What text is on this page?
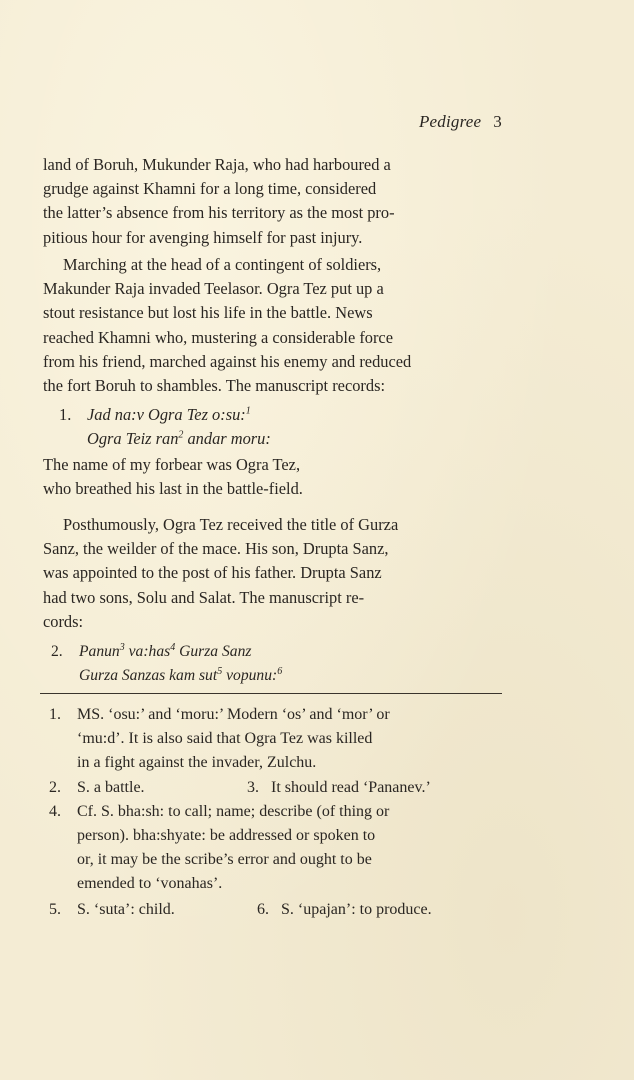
Pedigree 3

land of Boruh, Mukunder Raja, who had harboured a

grudge against Khamni for a long time, considered

the latter’s absence from his territory as the most pro-

pitious hour for avenging himself for past injury.

Marching at the head of a contingent of soldiers,

Makunder Raja invaded Teelasor. Ogra Tez put up a

stout resistance but lost his life in the battle. News

reached Khamni who, mustering a considerable force

from his friend, marched against his enemy and reduced

the fort Boruh to shambles. The manuscript records:

1. Jad na:v Ogra Tez o:su:$^1$

Ogra Teiz ran$^2$ andar moru:

The name of my forbear was Ogra Tez,

who breathed his last in the battle-field.

Posthumously, Ogra Tez received the title of Gurza

Sanz, the weilder of the mace. His son, Drupta Sanz,

was appointed to the post of his father. Drupta Sanz

had two sons, Solu and Salat. The manuscript re-

cords:

2. Panun$^3$ va:has$^4$ Gurza Sanz

Gurza Sanzas kam sut$^5$ vopunu:$^6$

1. MS. ‘osu:’ and ‘moru:’ Modern ‘os’ and ‘mor’ or
‘mu:d’. It is also said that Ogra Tez was killed
in a fight against the invader, Zulchu.
2. S. a battle.	3. It should read ‘Pananev.’
4. Cf. S. bha:sh: to call; name; describe (of thing or
person). bha:shyate: be addressed or spoken to
or, it may be the scribe’s error and ought to be
emended to ‘vonahas’.
5. S. ‘suta’: child.	6. S. ‘upajan’: to produce.
